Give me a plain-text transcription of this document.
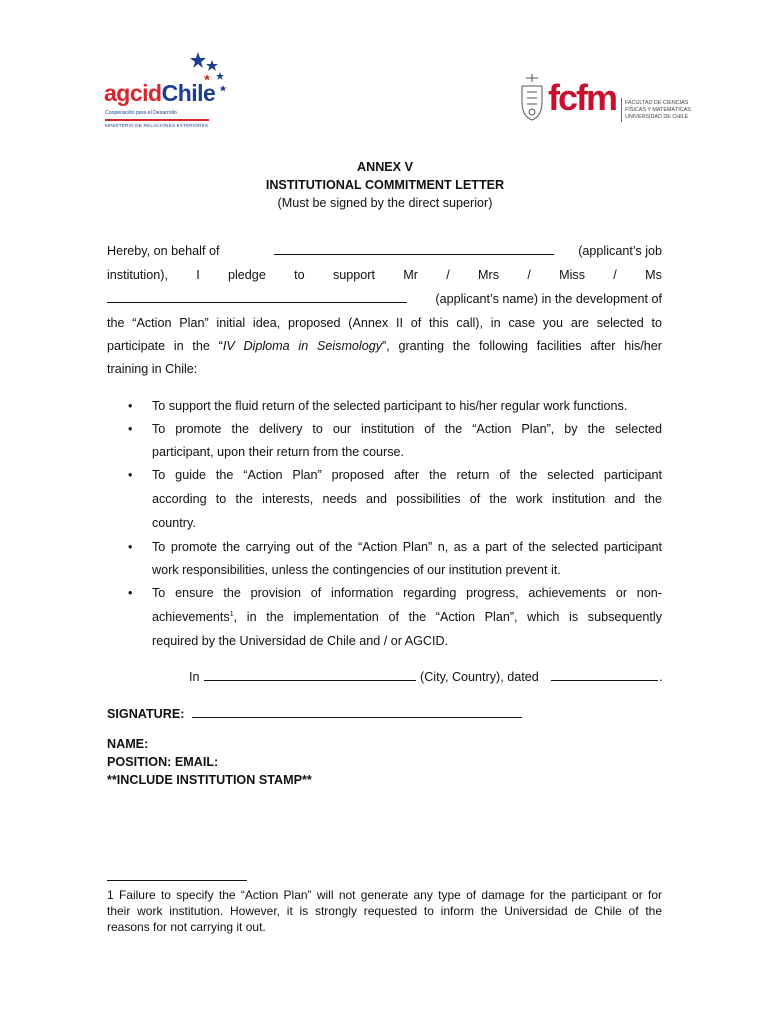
agcidChile
Cooperación para el Desarrollo
MINISTERIO DE RELACIONES EXTERIORES
fcfm FACULTAD DE CIENCIAS
FÍSICAS Y MATEMÁTICAS
UNIVERSIDAD DE CHILE
ANNEX V
INSTITUTIONAL COMMITMENT LETTER
(Must be signed by the direct superior)
Hereby, on behalf of	(applicant’s job
institution), I pledge to support Mr / Mrs / Miss / Ms
(applicant’s name) in the development of
the “Action Plan” initial idea, proposed (Annex II of this call), in case you are selected to
participate in the “IV Diploma in Seismology”, granting the following facilities after his/her
training in Chile:
• To support the fluid return of the selected participant to his/her regular work functions.
• To promote the delivery to our institution of the “Action Plan”, by the selected
participant, upon their return from the course.
• To guide the “Action Plan” proposed after the return of the selected participant
according to the interests, needs and possibilities of the work institution and the
country.
• To promote the carrying out of the “Action Plan” n, as a part of the selected participant
work responsibilities, unless the contingencies of our institution prevent it.
• To ensure the provision of information regarding progress, achievements or non-
achievements$^1$, in the implementation of the “Action Plan”, which is subsequently
required by the Universidad de Chile and / or AGCID.
In	(City, Country), dated	.
SIGNATURE:
NAME:
POSITION: EMAIL:
**INCLUDE INSTITUTION STAMP**
1 Failure to specify the “Action Plan” will not generate any type of damage for the participant or for
their work institution. However, it is strongly requested to inform the Universidad de Chile of the
reasons for not carrying it out.
